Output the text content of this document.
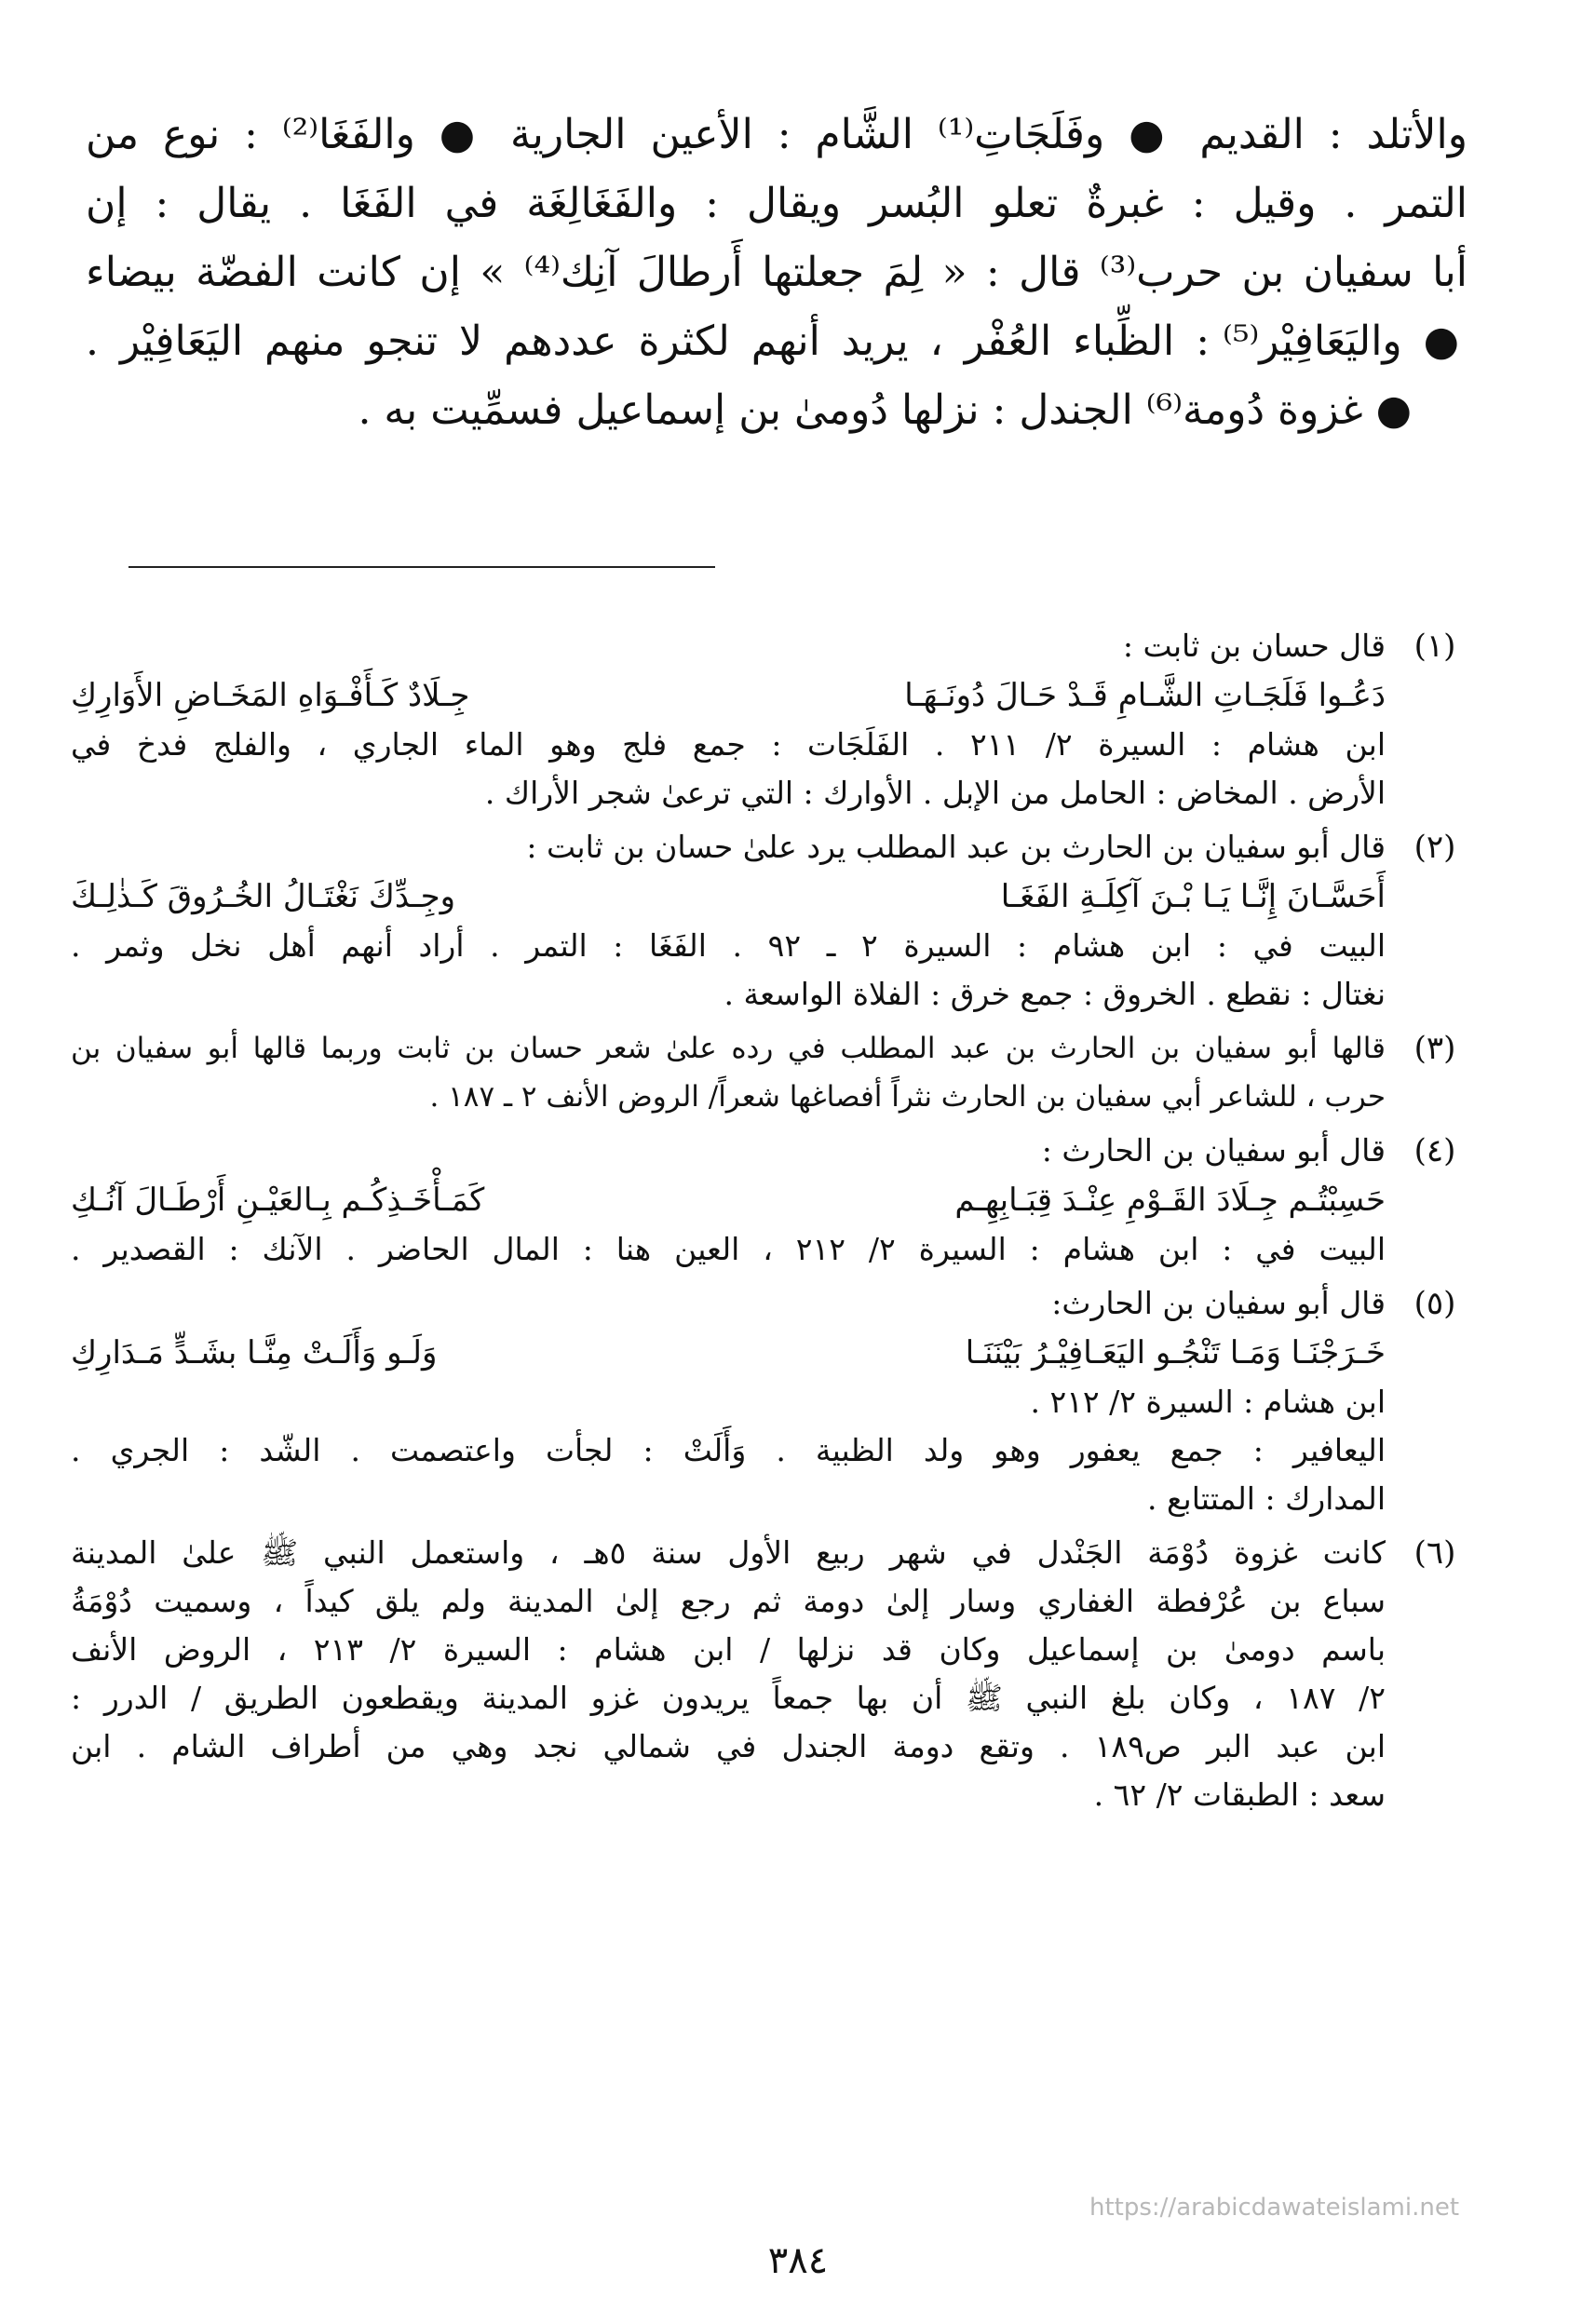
والأتلد : القديم ● وفَلَجَاتِ⁽¹⁾ الشَّام : الأعين الجارية ● والفَغَا⁽²⁾ : نوع من
التمر . وقيل : غبرةٌ تعلو البُسر ويقال : والفَغَالِغَة في الفَغَا . يقال : إن
أبا سفيان بن حرب⁽³⁾ قال : « لِمَ جعلتها أَرطالَ آنِك⁽⁴⁾ » إن كانت الفضّة بيضاء
● واليَعَافِيْر⁽⁵⁾ : الظِّباء العُفْر ، يريد أنهم لكثرة عددهم لا تنجو منهم اليَعَافِيْر .
● غزوة دُومة⁽⁶⁾ الجندل : نزلها دُومىٰ بن إسماعيل فسمِّيت به .
(١)
قال حسان بن ثابت :
دَعُـوا فَلَجَـاتِ الشَّـامِ قَـدْ حَـالَ دُونَـهَـا
جِـلَادٌ كَـأَفْـوَاهِ المَخَـاضِ الأَوَارِكِ
ابن هشام : السيرة ٢/ ٢١١ . الفَلَجَات : جمع فلج وهو الماء الجاري ، والفلج فدخ في
الأرض . المخاض : الحامل من الإبل . الأوارك : التي ترعىٰ شجر الأراك .
(٢)
قال أبو سفيان بن الحارث بن عبد المطلب يرد علىٰ حسان بن ثابت :
أَحَسَّـانَ إِنَّـا يَـا بْـنَ آكِلَـةِ الفَغَـا
وجِـدِّكَ نَغْتَـالُ الخُـرُوقَ كَـذٰلِـكَ
البيت في : ابن هشام : السيرة ٢ ـ ٩٢ . الفَغَا : التمر . أراد أنهم أهل نخل وثمر .
نغتال : نقطع . الخروق : جمع خرق : الفلاة الواسعة .
(٣)
قالها أبو سفيان بن الحارث بن عبد المطلب في رده علىٰ شعر حسان بن ثابت وربما قالها أبو سفيان بن
حرب ، للشاعر أبي سفيان بن الحارث نثراً أفصاغها شعراً/ الروض الأنف ٢ ـ ١٨٧ .
(٤)
قال أبو سفيان بن الحارث :
حَسِبْتُـم جِـلَادَ القَـوْمِ عِنْـدَ قِبَـابِهِـم
كَمَـأْخَـذِكُـم بِـالعَيْـنِ أَرْطَـالَ آنُـكِ
البيت في : ابن هشام : السيرة ٢/ ٢١٢ ، العين هنا : المال الحاضر . الآنك : القصدير .
(٥)
قال أبو سفيان بن الحارث:
خَـرَجْنَـا وَمَـا تَنْجُـو اليَعَـافِيْـرُ بَيْنَنَـا
وَلَـو وَأَلَـتْ مِنَّـا بشَـدٍّ مَـدَارِكِ
ابن هشام : السيرة ٢/ ٢١٢ .
اليعافير : جمع يعفور وهو ولد الظبية . وَأَلَتْ : لجأت واعتصمت . الشّد : الجري .
المدارك : المتتابع .
(٦)
كانت غزوة دُوْمَة الجَنْدل في شهر ربيع الأول سنة ٥هـ ، واستعمل النبي ﷺ علىٰ المدينة
سباع بن عُرْفطة الغفاري وسار إلىٰ دومة ثم رجع إلىٰ المدينة ولم يلق كيداً ، وسميت دُوْمَةُ
باسم دومىٰ بن إسماعيل وكان قد نزلها / ابن هشام : السيرة ٢/ ٢١٣ ، الروض الأنف
٢/ ١٨٧ ، وكان بلغ النبي ﷺ أن بها جمعاً يريدون غزو المدينة ويقطعون الطريق / الدرر :
ابن عبد البر ص١٨٩ . وتقع دومة الجندل في شمالي نجد وهي من أطراف الشام . ابن
سعد : الطبقات ٢/ ٦٢ .
https://arabicdawateislami.net
٣٨٤
